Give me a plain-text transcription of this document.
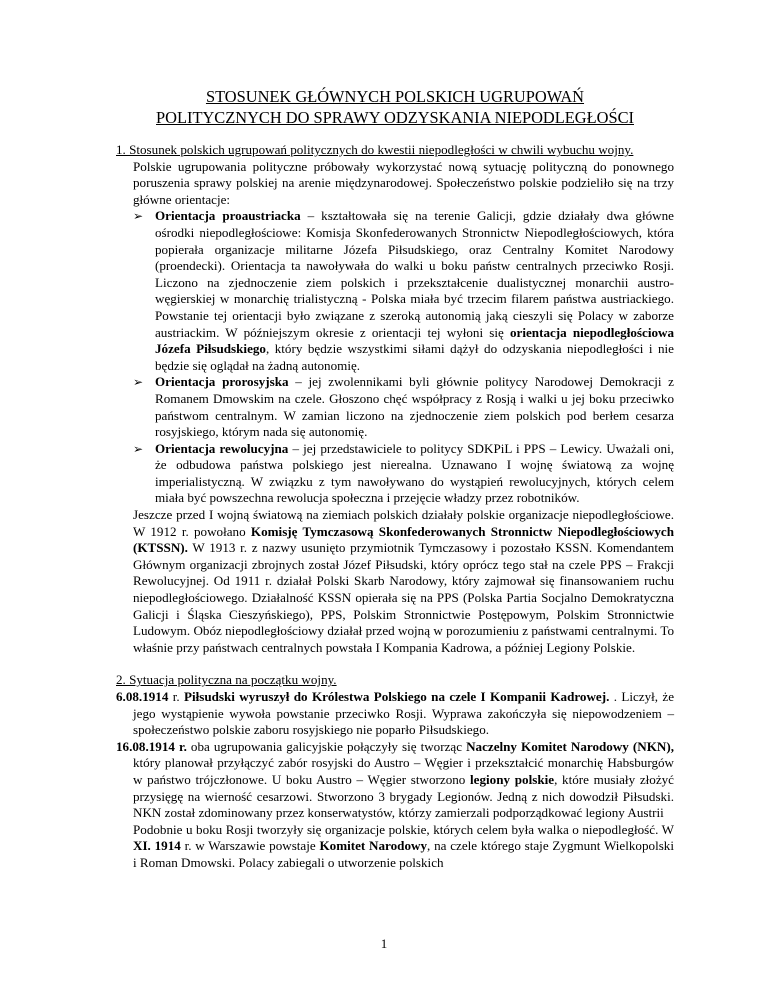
STOSUNEK GŁÓWNYCH POLSKICH UGRUPOWAŃ
POLITYCZNYCH DO SPRAWY ODZYSKANIA NIEPODLEGŁOŚCI

1. Stosunek polskich ugrupowań politycznych do kwestii niepodległości w chwili wybuchu wojny.

Polskie ugrupowania polityczne próbowały wykorzystać nową sytuację polityczną do ponownego poruszenia sprawy polskiej na arenie międzynarodowej. Społeczeństwo polskie podzieliło się na trzy główne orientacje:

➢ Orientacja proaustriacka – kształtowała się na terenie Galicji, gdzie działały dwa główne ośrodki niepodległościowe: Komisja Skonfederowanych Stronnictw Niepodległościowych, która popierała organizacje militarne Józefa Piłsudskiego, oraz Centralny Komitet Narodowy (proendecki). Orientacja ta nawoływała do walki u boku państw centralnych przeciwko Rosji. Liczono na zjednoczenie ziem polskich i przekształcenie dualistycznej monarchii austro-węgierskiej w monarchię trialistyczną - Polska miała być trzecim filarem państwa austriackiego. Powstanie tej orientacji było związane z szeroką autonomią jaką cieszyli się Polacy w zaborze austriackim. W późniejszym okresie z orientacji tej wyłoni się orientacja niepodległościowa Józefa Piłsudskiego, który będzie wszystkimi siłami dążył do odzyskania niepodległości i nie będzie się oglądał na żadną autonomię.

➢ Orientacja prorosyjska – jej zwolennikami byli głównie politycy Narodowej Demokracji z Romanem Dmowskim na czele. Głoszono chęć współpracy z Rosją i walki u jej boku przeciwko państwom centralnym. W zamian liczono na zjednoczenie ziem polskich pod berłem cesarza rosyjskiego, którym nada się autonomię.

➢ Orientacja rewolucyjna – jej przedstawiciele to politycy SDKPiL i PPS – Lewicy. Uważali oni, że odbudowa państwa polskiego jest nierealna. Uznawano I wojnę światową za wojnę imperialistyczną. W związku z tym nawoływano do wystąpień rewolucyjnych, których celem miała być powszechna rewolucja społeczna i przejęcie władzy przez robotników.

Jeszcze przed I wojną światową na ziemiach polskich działały polskie organizacje niepodległościowe. W 1912 r. powołano Komisję Tymczasową Skonfederowanych Stronnictw Niepodległościowych (KTSSN). W 1913 r. z nazwy usunięto przymiotnik Tymczasowy i pozostało KSSN. Komendantem Głównym organizacji zbrojnych został Józef Piłsudski, który oprócz tego stał na czele PPS – Frakcji Rewolucyjnej. Od 1911 r. działał Polski Skarb Narodowy, który zajmował się finansowaniem ruchu niepodległościowego. Działalność KSSN opierała się na PPS (Polska Partia Socjalno Demokratyczna Galicji i Śląska Cieszyńskiego), PPS, Polskim Stronnictwie Postępowym, Polskim Stronnictwie Ludowym. Obóz niepodległościowy działał przed wojną w porozumieniu z państwami centralnymi. To właśnie przy państwach centralnych powstała I Kompania Kadrowa, a później Legiony Polskie.

2. Sytuacja polityczna na początku wojny.

6.08.1914 r. Piłsudski wyruszył do Królestwa Polskiego na czele I Kompanii Kadrowej. . Liczył, że jego wystąpienie wywoła powstanie przeciwko Rosji. Wyprawa zakończyła się niepowodzeniem – społeczeństwo polskie zaboru rosyjskiego nie poparło Piłsudskiego.

16.08.1914 r. oba ugrupowania galicyjskie połączyły się tworząc Naczelny Komitet Narodowy (NKN), który planował przyłączyć zabór rosyjski do Austro – Węgier i przekształcić monarchię Habsburgów w państwo trójczłonowe. U boku Austro – Węgier stworzono legiony polskie, które musiały złożyć przysięgę na wierność cesarzowi. Stworzono 3 brygady Legionów. Jedną z nich dowodził Piłsudski. NKN został zdominowany przez konserwatystów, którzy zamierzali podporządkować legiony Austrii

Podobnie u boku Rosji tworzyły się organizacje polskie, których celem była walka o niepodległość. W XI. 1914 r. w Warszawie powstaje Komitet Narodowy, na czele którego staje Zygmunt Wielkopolski i Roman Dmowski. Polacy zabiegali o utworzenie polskich

1
